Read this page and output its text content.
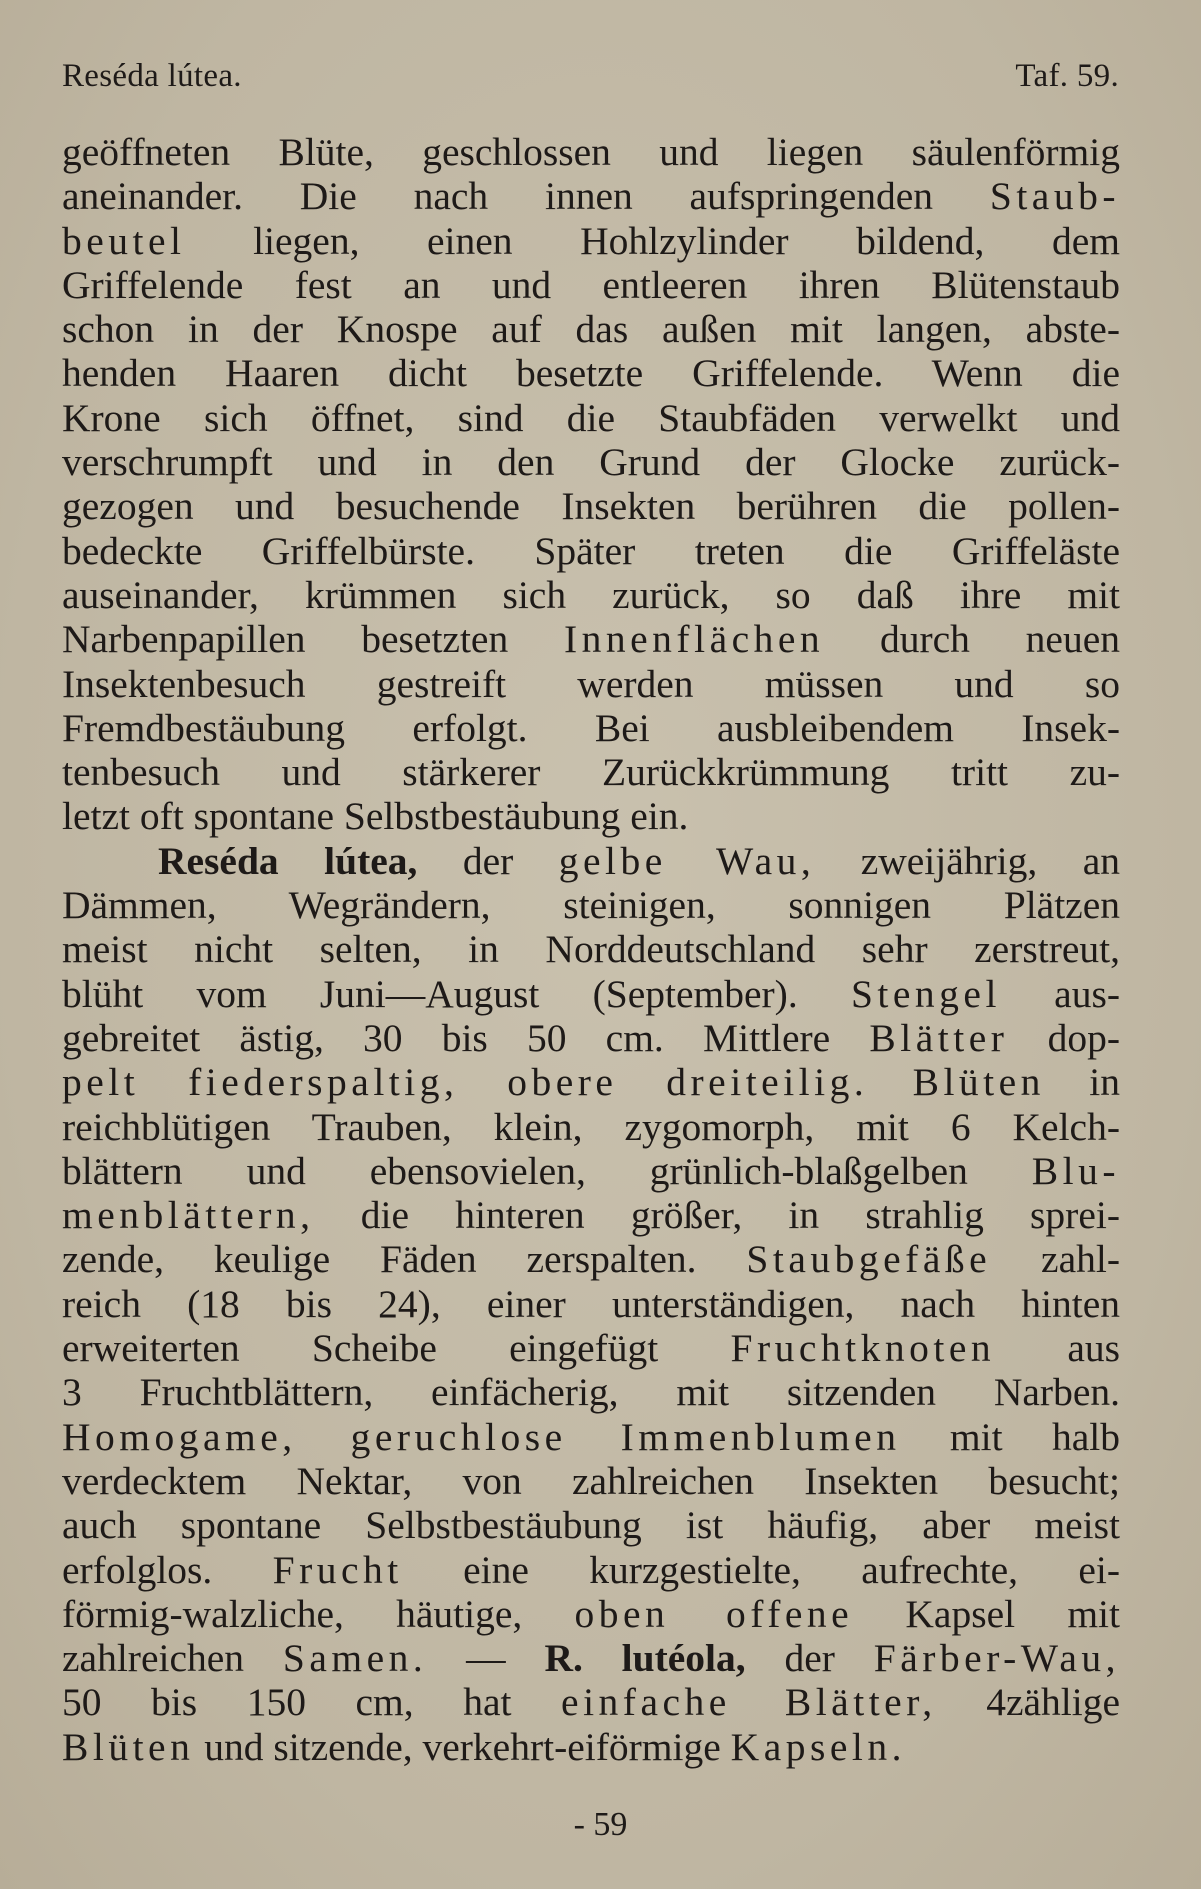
Reséda lútea.	Taf. 59.
geöffneten Blüte, geschlossen und liegen säulenförmig
aneinander. Die nach innen aufspringenden Staub-
beutel liegen, einen Hohlzylinder bildend, dem
Griffelende fest an und entleeren ihren Blütenstaub
schon in der Knospe auf das außen mit langen, abste-
henden Haaren dicht besetzte Griffelende. Wenn die
Krone sich öffnet, sind die Staubfäden verwelkt und
verschrumpft und in den Grund der Glocke zurück-
gezogen und besuchende Insekten berühren die pollen-
bedeckte Griffelbürste. Später treten die Griffeläste
auseinander, krümmen sich zurück, so daß ihre mit
Narbenpapillen besetzten Innenflächen durch neuen
Insektenbesuch gestreift werden müssen und so
Fremdbestäubung erfolgt. Bei ausbleibendem Insek-
tenbesuch und stärkerer Zurückkrümmung tritt zu-
letzt oft spontane Selbstbestäubung ein.
Reséda lútea, der gelbe Wau, zweijährig, an
Dämmen, Wegrändern, steinigen, sonnigen Plätzen
meist nicht selten, in Norddeutschland sehr zerstreut,
blüht vom Juni—August (September). Stengel aus-
gebreitet ästig, 30 bis 50 cm. Mittlere Blätter dop-
pelt fiederspaltig, obere dreiteilig. Blüten in
reichblütigen Trauben, klein, zygomorph, mit 6 Kelch-
blättern und ebensovielen, grünlich-blaßgelben Blu-
menblättern, die hinteren größer, in strahlig sprei-
zende, keulige Fäden zerspalten. Staubgefäße zahl-
reich (18 bis 24), einer unterständigen, nach hinten
erweiterten Scheibe eingefügt Fruchtknoten aus
3 Fruchtblättern, einfächerig, mit sitzenden Narben.
Homogame, geruchlose Immenblumen mit halb
verdecktem Nektar, von zahlreichen Insekten besucht;
auch spontane Selbstbestäubung ist häufig, aber meist
erfolglos. Frucht eine kurzgestielte, aufrechte, ei-
förmig-walzliche, häutige, oben offene Kapsel mit
zahlreichen Samen. — R. lutéola, der Färber-Wau,
50 bis 150 cm, hat einfache Blätter, 4zählige
Blüten und sitzende, verkehrt-eiförmige Kapseln.
- 59
